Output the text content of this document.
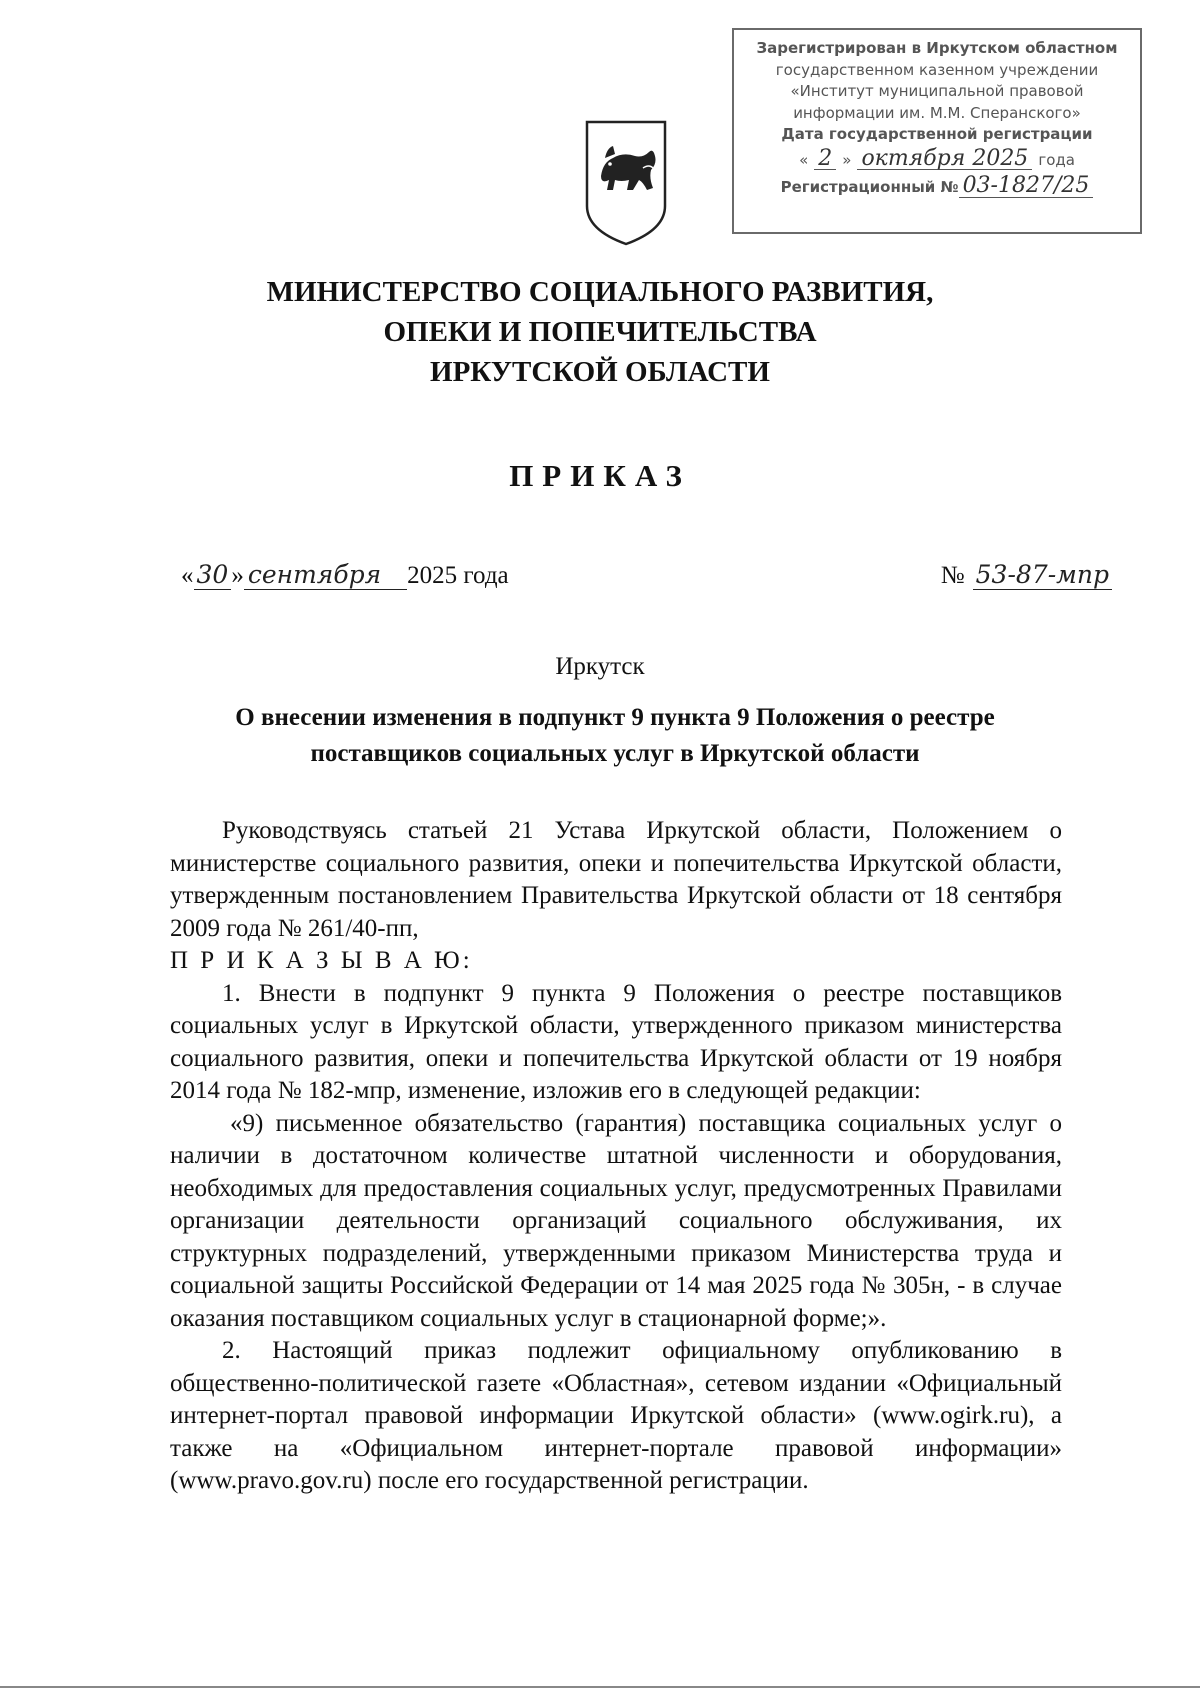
Зарегистрирован в Иркутском областном
государственном казенном учреждении
«Институт муниципальной правовой
информации им. М.М. Сперанского»
Дата государственной регистрации
« 2 » октября 2025 года
Регистрационный № 03-1827/25
МИНИСТЕРСТВО СОЦИАЛЬНОГО РАЗВИТИЯ,
ОПЕКИ И ПОПЕЧИТЕЛЬСТВА
ИРКУТСКОЙ ОБЛАСТИ
ПРИКАЗ
« 30 » сентября	2025 года	№ 53-87-мпр
Иркутск
О внесении изменения в подпункт 9 пункта 9 Положения о реестре
поставщиков социальных услуг в Иркутской области

Руководствуясь статьей 21 Устава Иркутской области, Положением о министерстве социального развития, опеки и попечительства Иркутской области, утвержденным постановлением Правительства Иркутской области от 18 сентября 2009 года № 261/40-пп,

П Р И К А З Ы В А Ю:

1. Внести в подпункт 9 пункта 9 Положения о реестре поставщиков социальных услуг в Иркутской области, утвержденного приказом министерства социального развития, опеки и попечительства Иркутской области от 19 ноября 2014 года № 182-мпр, изменение, изложив его в следующей редакции:

«9) письменное обязательство (гарантия) поставщика социальных услуг о наличии в достаточном количестве штатной численности и оборудования, необходимых для предоставления социальных услуг, предусмотренных Правилами организации деятельности организаций социального обслуживания, их структурных подразделений, утвержденными приказом Министерства труда и социальной защиты Российской Федерации от 14 мая 2025 года № 305н, - в случае оказания поставщиком социальных услуг в стационарной форме;».

2. Настоящий приказ подлежит официальному опубликованию в общественно-политической газете «Областная», сетевом издании «Официальный интернет-портал правовой информации Иркутской области» (www.ogirk.ru), а также на «Официальном интернет-портале правовой информации» (www.pravo.gov.ru) после его государственной регистрации.
